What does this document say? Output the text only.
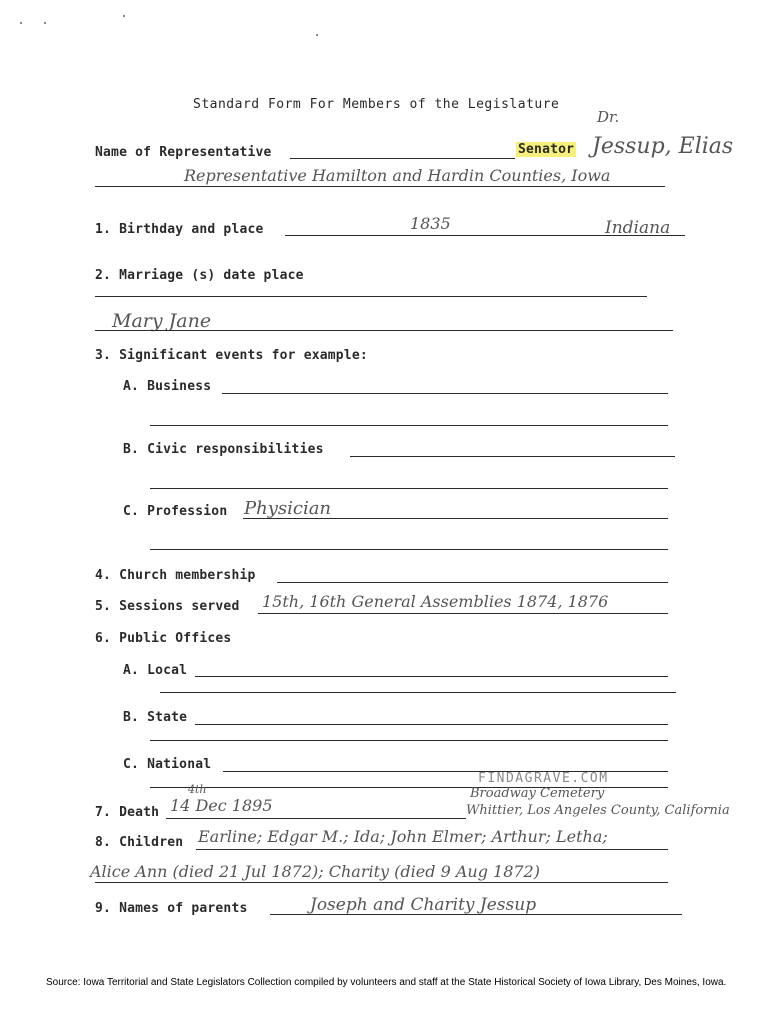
Standard Form For Members of the Legislature
Dr.
Name of Representative	Senator Jessup, Elias
Representative Hamilton and Hardin Counties, Iowa
1. Birthday and place	1835	Indiana
2. Marriage (s) date place
Mary Jane
3. Significant events for example:
A. Business
B. Civic responsibilities
C. Profession Physician
4. Church membership
5. Sessions served 15th, 16th General Assemblies 1874, 1876
6. Public Offices
A. Local
B. State
C. National
FINDAGRAVE.COM
7. Death
4th
14 Dec 1895
Broadway Cemetery
Whittier, Los Angeles County, California
8. Children Earline; Edgar M.; Ida; John Elmer; Arthur; Letha;
Alice Ann (died 21 Jul 1872); Charity (died 9 Aug 1872)
9. Names of parents	Joseph and Charity Jessup
Source: Iowa Territorial and State Legislators Collection compiled by volunteers and staff at the State Historical Society of Iowa Library, Des Moines, Iowa.
